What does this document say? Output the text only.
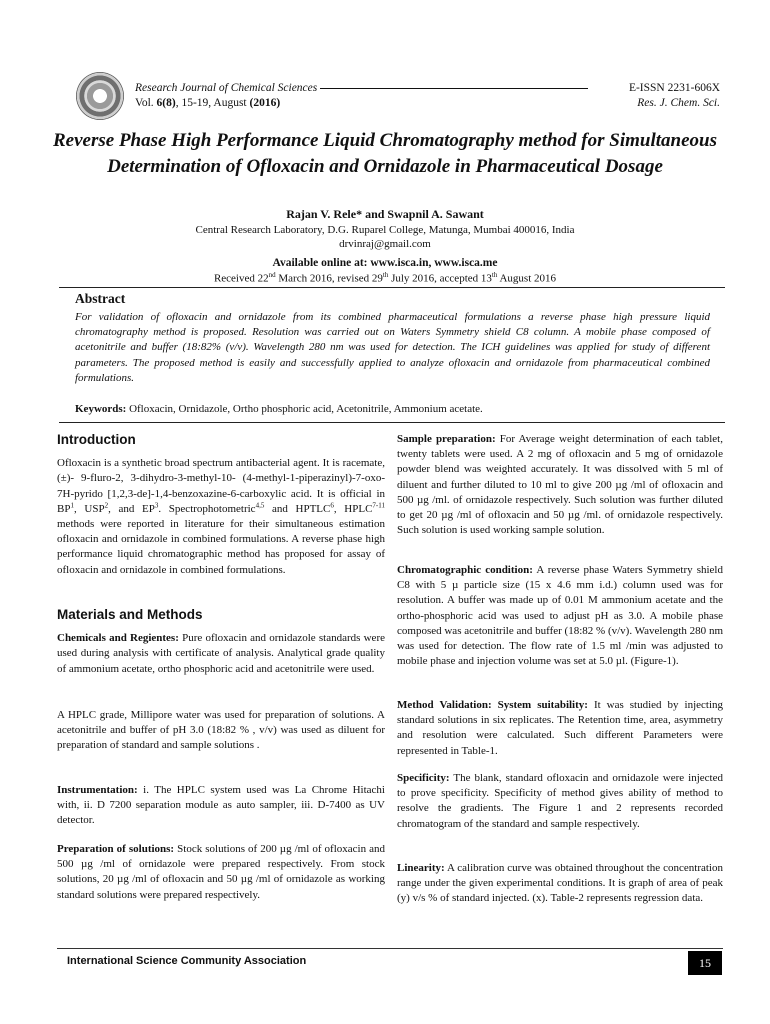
Research Journal of Chemical Sciences
Vol. 6(8), 15-19, August (2016)
E-ISSN 2231-606X
Res. J. Chem. Sci.
Reverse Phase High Performance Liquid Chromatography method for Simultaneous Determination of Ofloxacin and Ornidazole in Pharmaceutical Dosage
Rajan V. Rele* and Swapnil A. Sawant
Central Research Laboratory, D.G. Ruparel College, Matunga, Mumbai 400016, India
drvinraj@gmail.com
Available online at: www.isca.in, www.isca.me
Received 22nd March 2016, revised 29th July 2016, accepted 13th August 2016
Abstract
For validation of ofloxacin and ornidazole from its combined pharmaceutical formulations a reverse phase high pressure liquid chromatography method is proposed. Resolution was carried out on Waters Symmetry shield C8 column. A mobile phase composed of acetonitrile and buffer (18:82% (v/v). Wavelength 280 nm was used for detection. The ICH guidelines was applied for study of different parameters. The proposed method is easily and successfully applied to analyze ofloxacin and ornidazole from pharmaceutical combined formulations.
Keywords: Ofloxacin, Ornidazole, Ortho phosphoric acid, Acetonitrile, Ammonium acetate.
Introduction
Ofloxacin is a synthetic broad spectrum antibacterial agent. It is racemate, (±)- 9-fluro-2, 3-dihydro-3-methyl-10- (4-methyl-1-piperazinyl)-7-oxo-7H-pyrido [1,2,3-de]-1,4-benzoxazine-6-carboxylic acid. It is official in $BP^1$, USP$^2$, and $EP^3$. Spectrophotometric$^{4,5}$ and HPTLC$^6$, HPLC$^{7-11}$ methods were reported in literature for their simultaneous estimation ofloxacin and ornidazole in combined formulations. A reverse phase high performance liquid chromatographic method has proposed for assay of ofloxacin and ornidazole in combined formulations.
Materials and Methods
Chemicals and Regientes: Pure ofloxacin and ornidazole standards were used during analysis with certificate of analysis. Analytical grade quality of ammonium acetate, ortho phosphoric acid and acetonitrile were used.
A HPLC grade, Millipore water was used for preparation of solutions. A acetonitrile and buffer of pH 3.0 (18:82 % , v/v) was used as diluent for preparation of standard and sample solutions .
Instrumentation: i. The HPLC system used was La Chrome Hitachi with, ii. D 7200 separation module as auto sampler, iii. D-7400 as UV detector.
Preparation of solutions: Stock solutions of 200 µg /ml of ofloxacin and 500 µg /ml of ornidazole were prepared respectively. From stock solutions, 20 µg /ml of ofloxacin and 50 µg /ml of ornidazole as working standard solutions were prepared respectively.
Sample preparation: For Average weight determination of each tablet, twenty tablets were used. A 2 mg of ofloxacin and 5 mg of ornidazole powder blend was weighted accurately. It was dissolved with 5 ml of diluent and further diluted to 10 ml to give 200 µg /ml of ofloxacin and 500 µg /ml. of ornidazole respectively. Such solution was further diluted to get 20 µg /ml of ofloxacin and 50 µg /ml. of ornidazole respectively. Such solution is used working sample solution.
Chromatographic condition: A reverse phase Waters Symmetry shield C8 with 5 µ particle size (15 x 4.6 mm i.d.) column used was for resolution. A buffer was made up of 0.01 M ammonium acetate and the ortho-phosphoric acid was used to adjust pH as 3.0. A mobile phase composed was acetonitrile and buffer (18:82 % (v/v). Wavelength 280 nm was used for detection. The flow rate of 1.5 ml /min was adjusted to mobile phase and injection volume was set at 5.0 µl. (Figure-1).
Method Validation: System suitability: It was studied by injecting standard solutions in six replicates. The Retention time, area, asymmetry and resolution were calculated. Such different Parameters were represented in Table-1.
Specificity: The blank, standard ofloxacin and ornidazole were injected to prove specificity. Specificity of method gives ability of method to resolve the gradients. The Figure 1 and 2 represents recorded chromatogram of the standard and sample respectively.
Linearity: A calibration curve was obtained throughout the concentration range under the given experimental conditions. It is graph of area of peak (y) v/s % of standard injected. (x). Table-2 represents regression data.
International Science Community Association	15
